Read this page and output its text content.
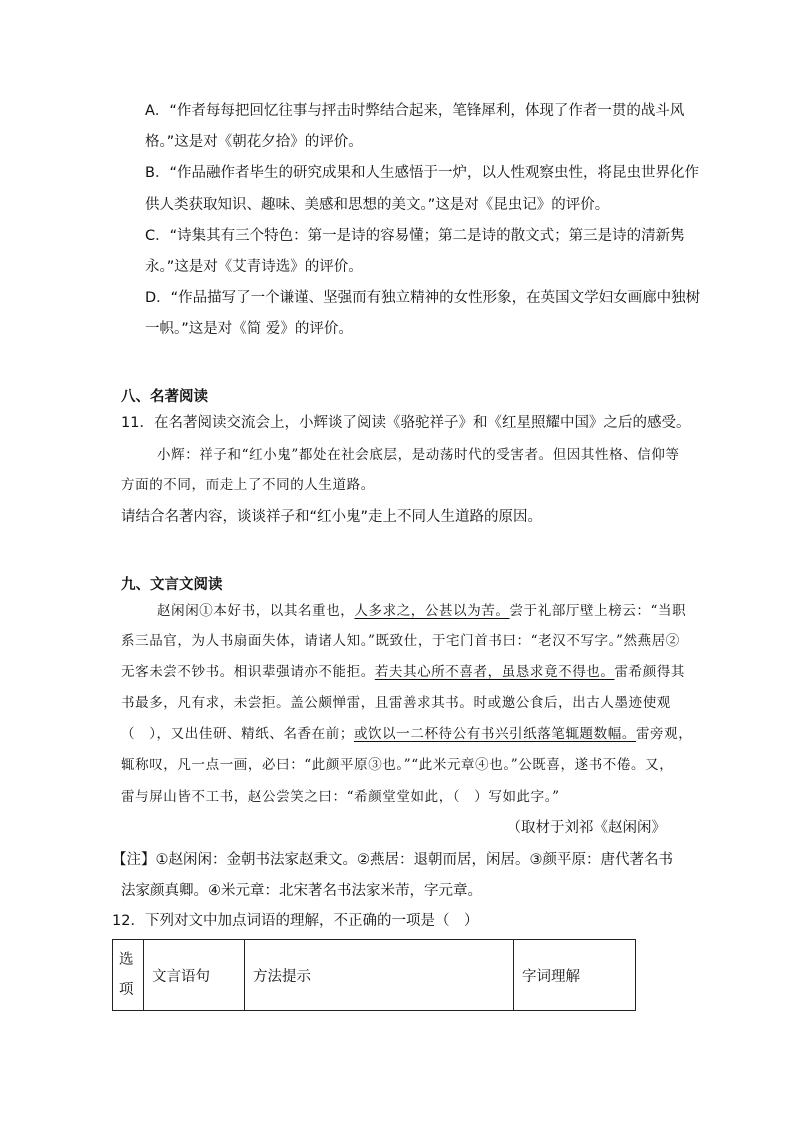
A．“作者每每把回忆往事与抨击时弊结合起来，笔锋犀利，体现了作者一贯的战斗风
格。”这是对《朝花夕拾》的评价。
B．“作品融作者毕生的研究成果和人生感悟于一炉，以人性观察虫性，将昆虫世界化作
供人类获取知识、趣味、美感和思想的美文。”这是对《昆虫记》的评价。
C．“诗集其有三个特色：第一是诗的容易懂；第二是诗的散文式；第三是诗的清新隽
永。”这是对《艾青诗选》的评价。
D．“作品描写了一个谦谨、坚强而有独立精神的女性形象，在英国文学妇女画廊中独树
一帜。”这是对《简 爱》的评价。
八、名著阅读
11．在名著阅读交流会上，小辉谈了阅读《骆驼祥子》和《红星照耀中国》之后的感受。
小辉：祥子和“红小鬼”都处在社会底层，是动荡时代的受害者。但因其性格、信仰等
方面的不同，而走上了不同的人生道路。
请结合名著内容，谈谈祥子和“红小鬼”走上不同人生道路的原因。
九、文言文阅读
赵闲闲①本好书，以其名重也，人多求之，公甚以为苦。尝于礼部厅壁上榜云：“当职
系三品官，为人书扇面失体，请诸人知。”既致仕，于宅门首书曰：“老汉不写字。”然燕居②
无客未尝不钞书。相识辈强请亦不能拒。若夫其心所不喜者，虽恳求竟不得也。雷希颜得其
书最多，凡有求，未尝拒。盖公颇惮雷，且雷善求其书。时或邀公食后，出古人墨迹使观
（　），又出佳研、精纸、名香在前；或饮以一二杯待公有书兴引纸落笔辄題数幅。雷旁观，
辄称叹，凡一点一画，必曰：“此颜平原③也。”“此米元章④也。”公既喜，遂书不倦。又，
雷与屏山皆不工书，赵公尝笑之曰：“希颜堂堂如此，（　）写如此字。”
（取材于刘祁《赵闲闲》
【注】①赵闲闲：金朝书法家赵秉文。②燕居：退朝而居，闲居。③颜平原：唐代著名书
法家颜真卿。④米元章：北宋著名书法家米芾，字元章。
12．下列对文中加点词语的理解，不正确的一项是（　）
选项	文言语句	方法提示	字词理解
